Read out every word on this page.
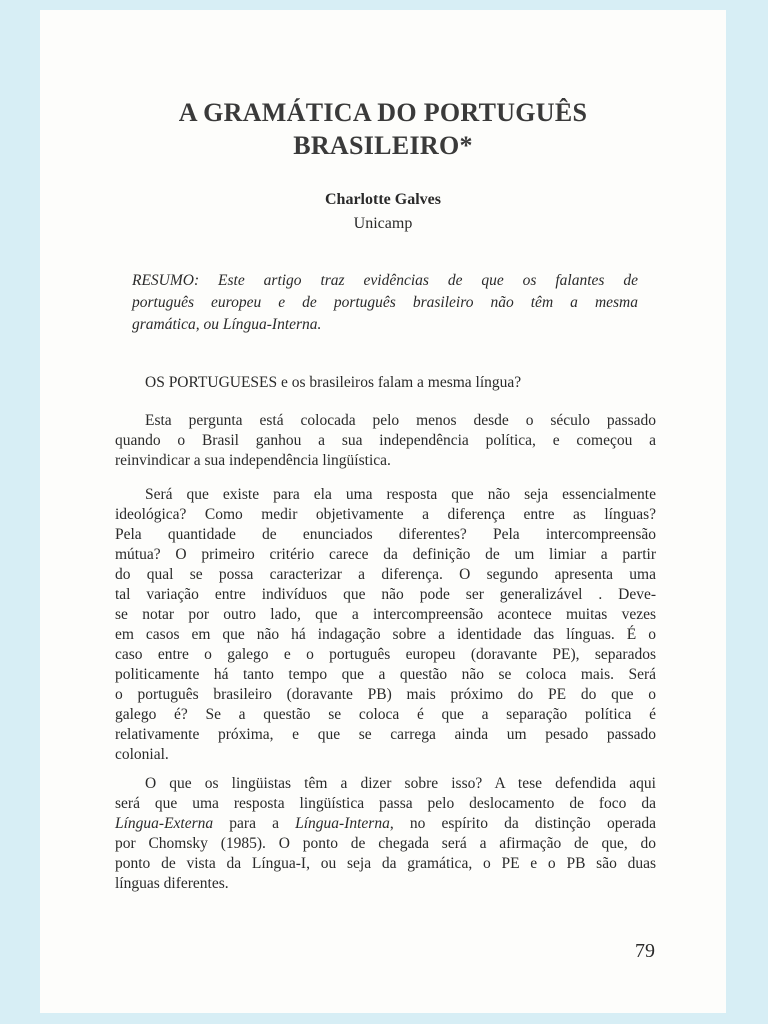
A GRAMÁTICA DO PORTUGUÊS
BRASILEIRO*
Charlotte Galves
Unicamp
RESUMO: Este artigo traz evidências de que os falantes de
português europeu e de português brasileiro não têm a mesma
gramática, ou Língua-Interna.
OS PORTUGUESES e os brasileiros falam a mesma língua?
Esta pergunta está colocada pelo menos desde o século passado
quando o Brasil ganhou a sua independência política, e começou a
reinvindicar a sua independência lingüística.
Será que existe para ela uma resposta que não seja essencialmente
ideológica? Como medir objetivamente a diferença entre as línguas?
Pela quantidade de enunciados diferentes? Pela intercompreensão
mútua? O primeiro critério carece da definição de um limiar a partir
do qual se possa caracterizar a diferença. O segundo apresenta uma
tal variação entre indivíduos que não pode ser generalizável . Deve-
se notar por outro lado, que a intercompreensão acontece muitas vezes
em casos em que não há indagação sobre a identidade das línguas. É o
caso entre o galego e o português europeu (doravante PE), separados
politicamente há tanto tempo que a questão não se coloca mais. Será
o português brasileiro (doravante PB) mais próximo do PE do que o
galego é? Se a questão se coloca é que a separação política é
relativamente próxima, e que se carrega ainda um pesado passado
colonial.
O que os lingüistas têm a dizer sobre isso? A tese defendida aqui
será que uma resposta lingüística passa pelo deslocamento de foco da
Língua-Externa para a Língua-Interna, no espírito da distinção operada
por Chomsky (1985). O ponto de chegada será a afirmação de que, do
ponto de vista da Língua-I, ou seja da gramática, o PE e o PB são duas
línguas diferentes.
79
